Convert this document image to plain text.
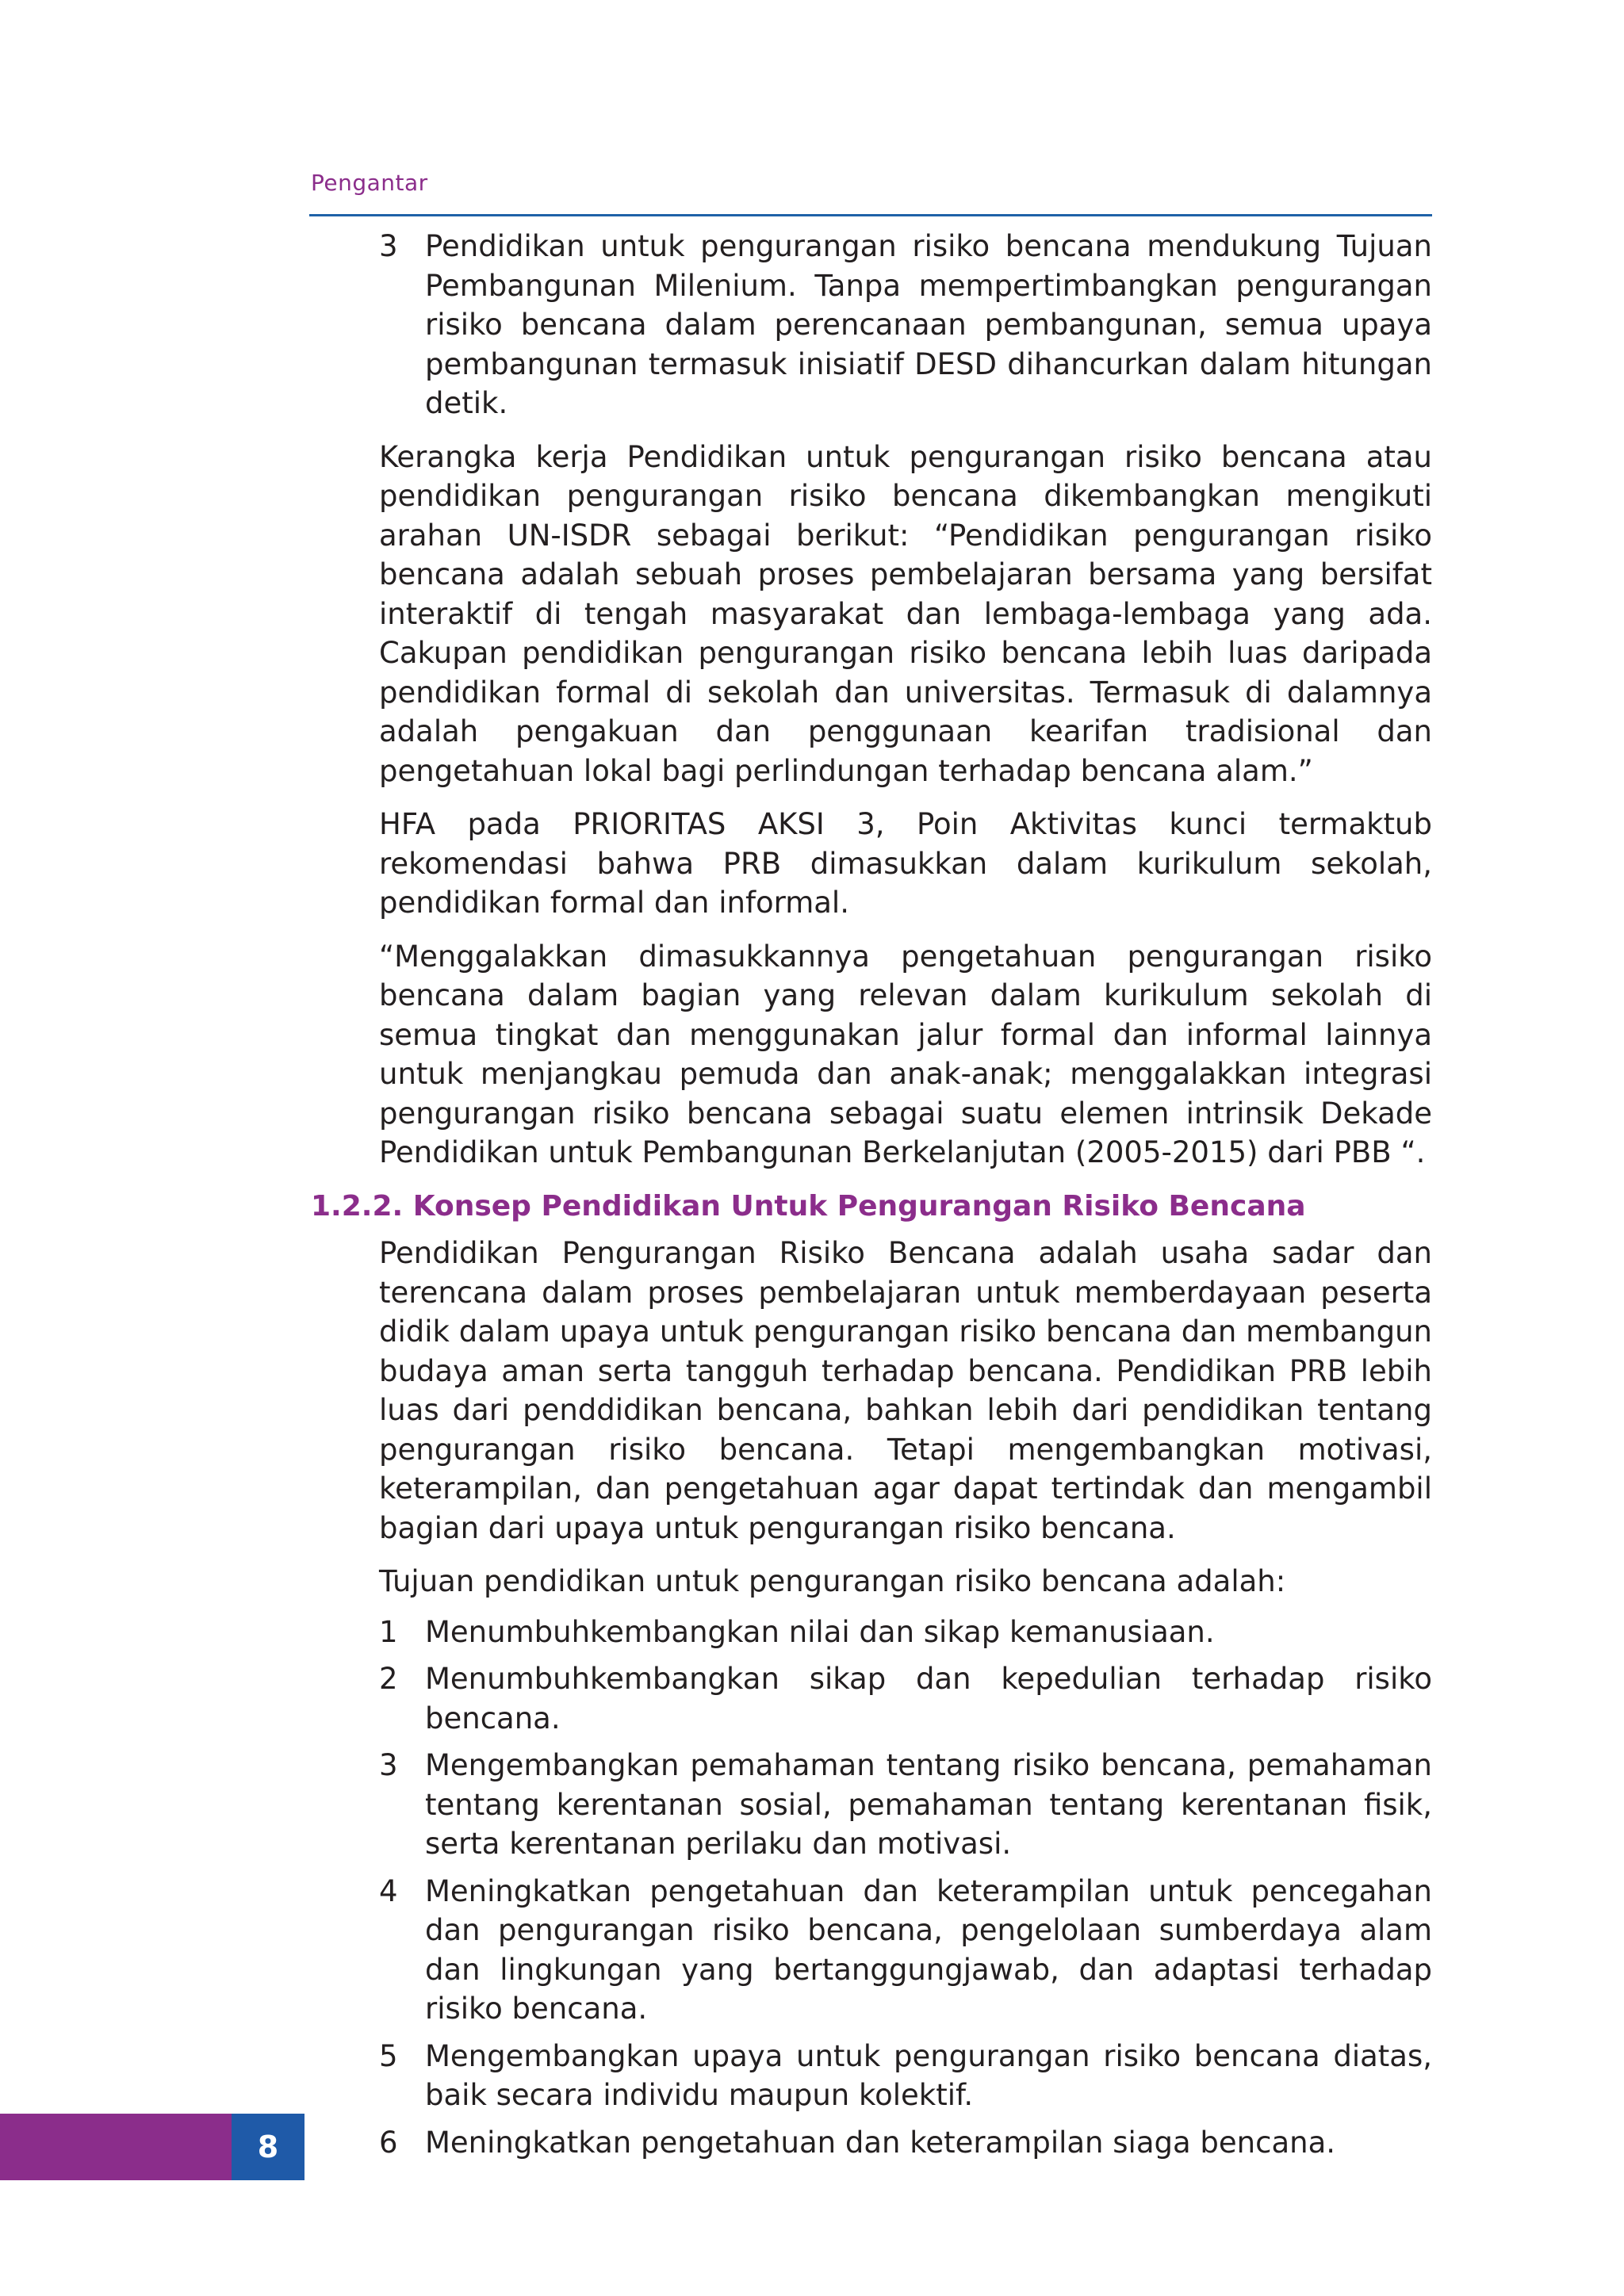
Pengantar
3 Pendidikan untuk pengurangan risiko bencana mendukung Tujuan Pembangunan Milenium. Tanpa mempertimbangkan pengurangan risiko bencana dalam perencanaan pembangunan, semua upaya pembangunan termasuk inisiatif DESD dihancurkan dalam hitungan detik.

Kerangka kerja Pendidikan untuk pengurangan risiko bencana atau pendidikan pengurangan risiko bencana dikembangkan mengikuti arahan UN-ISDR sebagai berikut: “Pendidikan pengurangan risiko bencana adalah sebuah proses pembelajaran bersama yang bersifat interaktif di tengah masyarakat dan lembaga-lembaga yang ada. Cakupan pendidikan pengurangan risiko bencana lebih luas daripada pendidikan formal di sekolah dan universitas. Termasuk di dalamnya adalah pengakuan dan penggunaan kearifan tradisional dan pengetahuan lokal bagi perlindungan terhadap bencana alam.”

HFA pada PRIORITAS AKSI 3, Poin Aktivitas kunci termaktub rekomendasi bahwa PRB dimasukkan dalam kurikulum sekolah, pendidikan formal dan informal.

“Menggalakkan dimasukkannya pengetahuan pengurangan risiko bencana dalam bagian yang relevan dalam kurikulum sekolah di semua tingkat dan menggunakan jalur formal dan informal lainnya untuk menjangkau pemuda dan anak-anak; menggalakkan integrasi pengurangan risiko bencana sebagai suatu elemen intrinsik Dekade Pendidikan untuk Pembangunan Berkelanjutan (2005-2015) dari PBB “.

1.2.2. Konsep Pendidikan Untuk Pengurangan Risiko Bencana

Pendidikan Pengurangan Risiko Bencana adalah usaha sadar dan terencana dalam proses pembelajaran untuk memberdayaan peserta didik dalam upaya untuk pengurangan risiko bencana dan membangun budaya aman serta tangguh terhadap bencana. Pendidikan PRB lebih luas dari penddidikan bencana, bahkan lebih dari pendidikan tentang pengurangan risiko bencana. Tetapi mengembangkan motivasi, keterampilan, dan pengetahuan agar dapat tertindak dan mengambil bagian dari upaya untuk pengurangan risiko bencana.

Tujuan pendidikan untuk pengurangan risiko bencana adalah:
1 Menumbuhkembangkan nilai dan sikap kemanusiaan.
2 Menumbuhkembangkan sikap dan kepedulian terhadap risiko bencana.
3 Mengembangkan pemahaman tentang risiko bencana, pemahaman tentang kerentanan sosial, pemahaman tentang kerentanan fisik, serta kerentanan perilaku dan motivasi.
4 Meningkatkan pengetahuan dan keterampilan untuk pencegahan dan pengurangan risiko bencana, pengelolaan sumberdaya alam dan lingkungan yang bertanggungjawab, dan adaptasi terhadap risiko bencana.
5 Mengembangkan upaya untuk pengurangan risiko bencana diatas, baik secara individu maupun kolektif.
6 Meningkatkan pengetahuan dan keterampilan siaga bencana.
8
